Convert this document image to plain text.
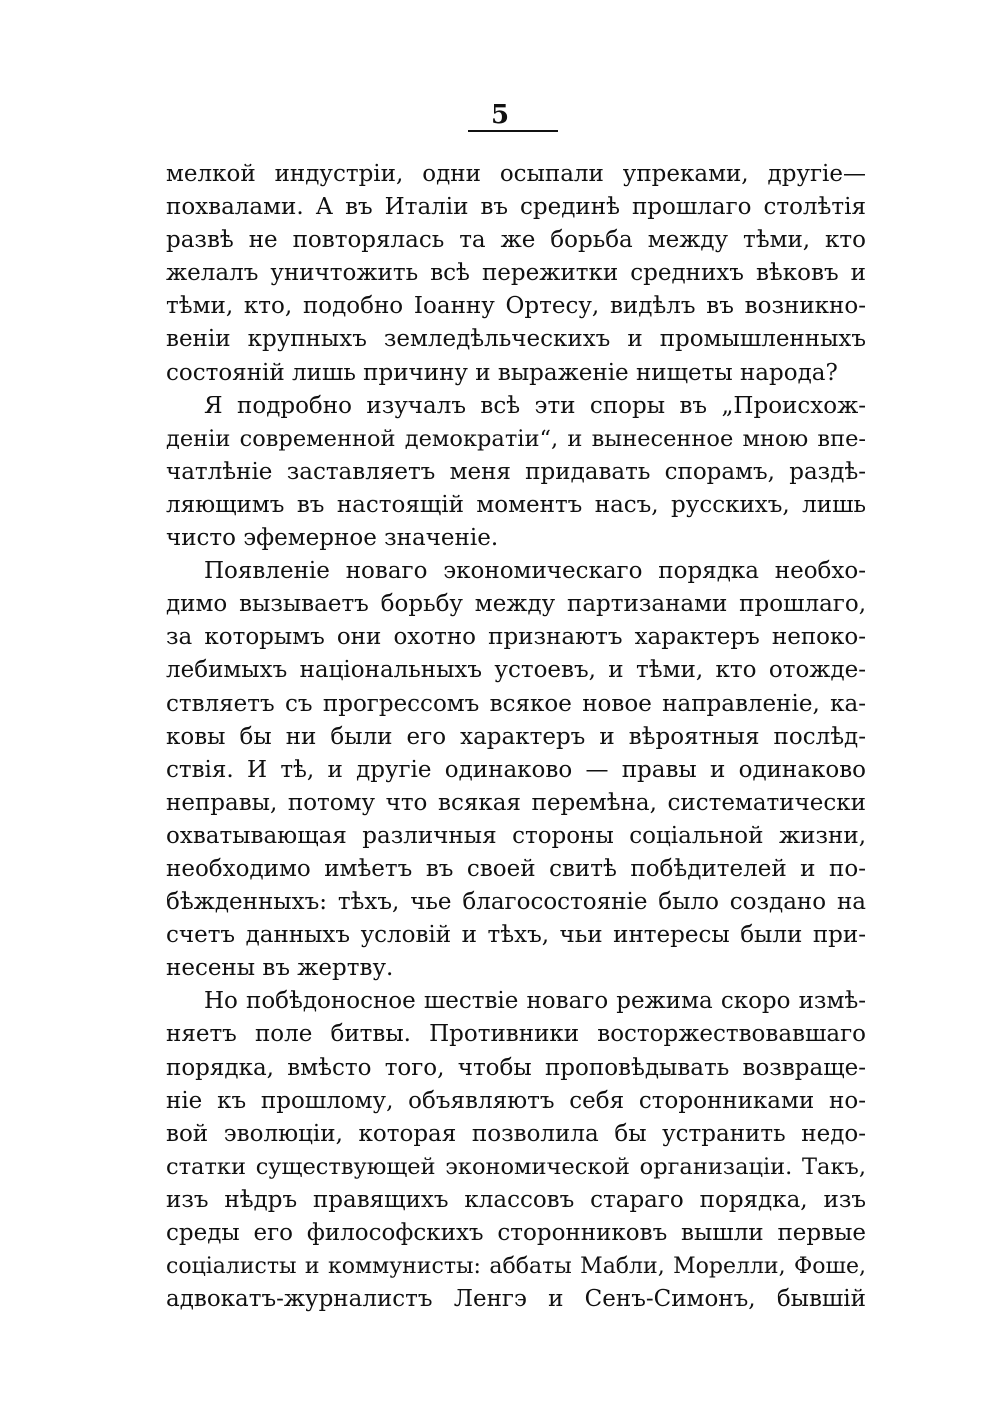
5
мелкой индустріи, одни осыпали упреками, другіе—
похвалами. А въ Италіи въ срединѣ прошлаго столѣтія
развѣ не повторялась та же борьба между тѣми, кто
желалъ уничтожить всѣ пережитки среднихъ вѣковъ и
тѣми, кто, подобно Іоанну Ортесу, видѣлъ въ возникно-
веніи крупныхъ земледѣльческихъ и промышленныхъ
состояній лишь причину и выраженіе нищеты народа?
Я подробно изучалъ всѣ эти споры въ „Происхож-
деніи современной демократіи“, и вынесенное мною впе-
чатлѣніе заставляетъ меня придавать спорамъ, раздѣ-
ляющимъ въ настоящій моментъ насъ, русскихъ, лишь
чисто эфемерное значеніе.
Появленіе новаго экономическаго порядка необхо-
димо вызываетъ борьбу между партизанами прошлаго,
за которымъ они охотно признаютъ характеръ непоко-
лебимыхъ національныхъ устоевъ, и тѣми, кто отожде-
ствляетъ съ прогрессомъ всякое новое направленіе, ка-
ковы бы ни были его характеръ и вѣроятныя послѣд-
ствія. И тѣ, и другіе одинаково — правы и одинаково
неправы, потому что всякая перемѣна, систематически
охватывающая различныя стороны соціальной жизни,
необходимо имѣетъ въ своей свитѣ побѣдителей и по-
бѣжденныхъ: тѣхъ, чье благосостояніе было создано на
счетъ данныхъ условій и тѣхъ, чьи интересы были при-
несены въ жертву.
Но побѣдоносное шествіе новаго режима скоро измѣ-
няетъ поле битвы. Противники восторжествовавшаго
порядка, вмѣсто того, чтобы проповѣдывать возвраще-
ніе къ прошлому, объявляютъ себя сторонниками но-
вой эволюціи, которая позволила бы устранить недо-
статки существующей экономической организаціи. Такъ,
изъ нѣдръ правящихъ классовъ стараго порядка, изъ
среды его философскихъ сторонниковъ вышли первые
соціалисты и коммунисты: аббаты Мабли, Морелли, Фоше,
адвокатъ-журналистъ Ленгэ и Сенъ-Симонъ, бывшій
